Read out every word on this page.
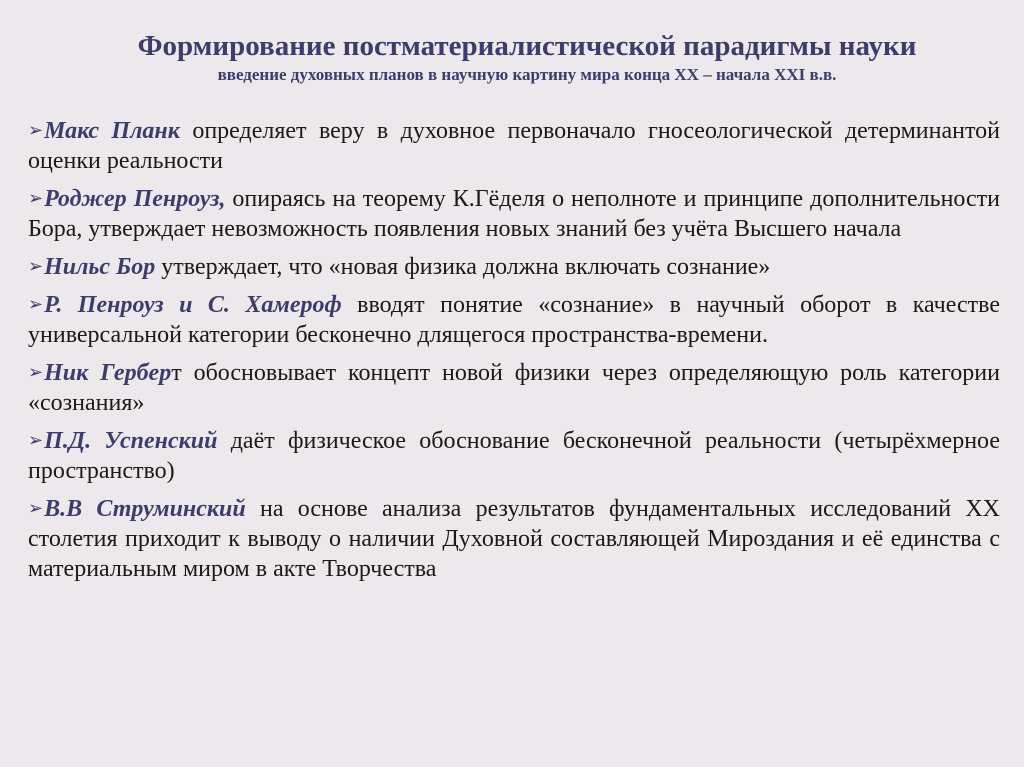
Формирование постматериалистической парадигмы науки

введение духовных планов в научную картину мира конца XX – начала XXI в.в.

➢Макс Планк определяет веру в духовное первоначало гносеологической детерминантой оценки реальности

➢Роджер Пенроуз, опираясь на теорему К.Гёделя о неполноте и принципе дополнительности Бора, утверждает невозможность появления новых знаний без учёта Высшего начала

➢Нильс Бор утверждает, что «новая физика должна включать сознание»

➢Р. Пенроуз и С. Хамероф вводят понятие «сознание» в научный оборот в качестве универсальной категории бесконечно длящегося пространства-времени.

➢Ник Герберт обосновывает концепт новой физики через определяющую роль категории «сознания»

➢П.Д. Успенский даёт физическое обоснование бесконечной реальности (четырёхмерное пространство)

➢В.В Струминский на основе анализа результатов фундаментальных исследований XX столетия приходит к выводу о наличии Духовной составляющей Мироздания и её единства с материальным миром в акте Творчества
